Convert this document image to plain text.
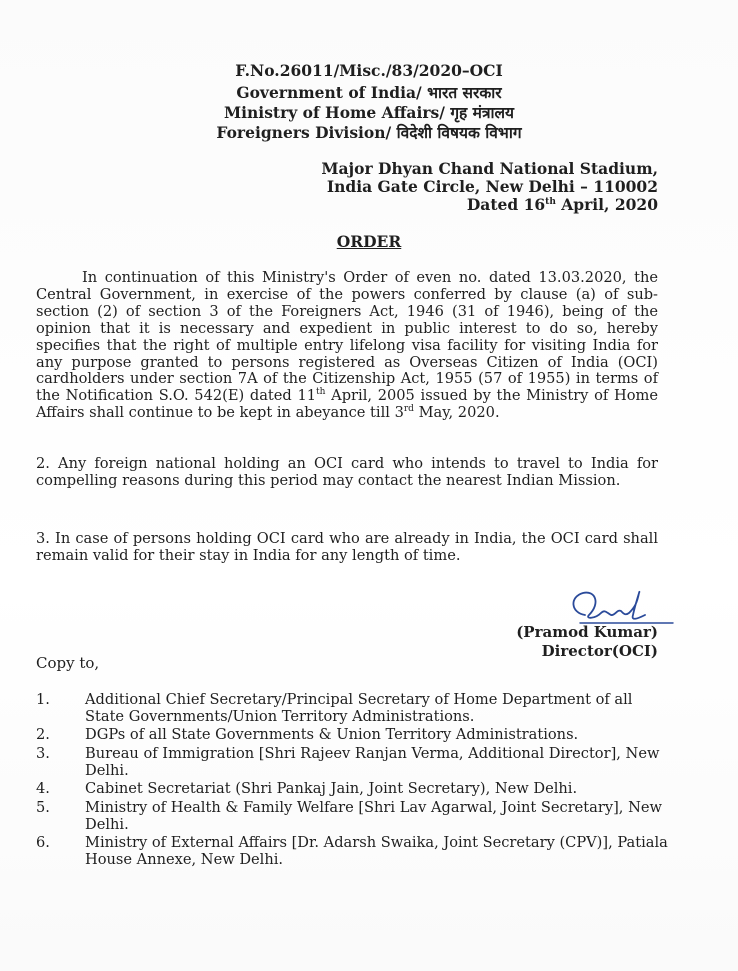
F.No.26011/Misc./83/2020–OCI
Government of India/ भारत सरकार
Ministry of Home Affairs/ गृह मंत्रालय
Foreigners Division/ विदेशी विषयक विभाग
Major Dhyan Chand National Stadium,
India Gate Circle, New Delhi – 110002
Dated 16th April, 2020
ORDER
In continuation of this Ministry's Order of even no. dated 13.03.2020, the Central Government, in exercise of the powers conferred by clause (a) of sub-section (2) of section 3 of the Foreigners Act, 1946 (31 of 1946), being of the opinion that it is necessary and expedient in public interest to do so, hereby specifies that the right of multiple entry lifelong visa facility for visiting India for any purpose granted to persons registered as Overseas Citizen of India (OCI) cardholders under section 7A of the Citizenship Act, 1955 (57 of 1955) in terms of the Notification S.O. 542(E) dated 11th April, 2005 issued by the Ministry of Home Affairs shall continue to be kept in abeyance till 3rd May, 2020.
2. Any foreign national holding an OCI card who intends to travel to India for compelling reasons during this period may contact the nearest Indian Mission.
3. In case of persons holding OCI card who are already in India, the OCI card shall remain valid for their stay in India for any length of time.
(Pramod Kumar)
Director(OCI)
Copy to,
1. Additional Chief Secretary/Principal Secretary of Home Department of all State Governments/Union Territory Administrations.
2. DGPs of all State Governments & Union Territory Administrations.
3. Bureau of Immigration [Shri Rajeev Ranjan Verma, Additional Director], New Delhi.
4. Cabinet Secretariat (Shri Pankaj Jain, Joint Secretary), New Delhi.
5. Ministry of Health & Family Welfare [Shri Lav Agarwal, Joint Secretary], New Delhi.
6. Ministry of External Affairs [Dr. Adarsh Swaika, Joint Secretary (CPV)], Patiala House Annexe, New Delhi.
